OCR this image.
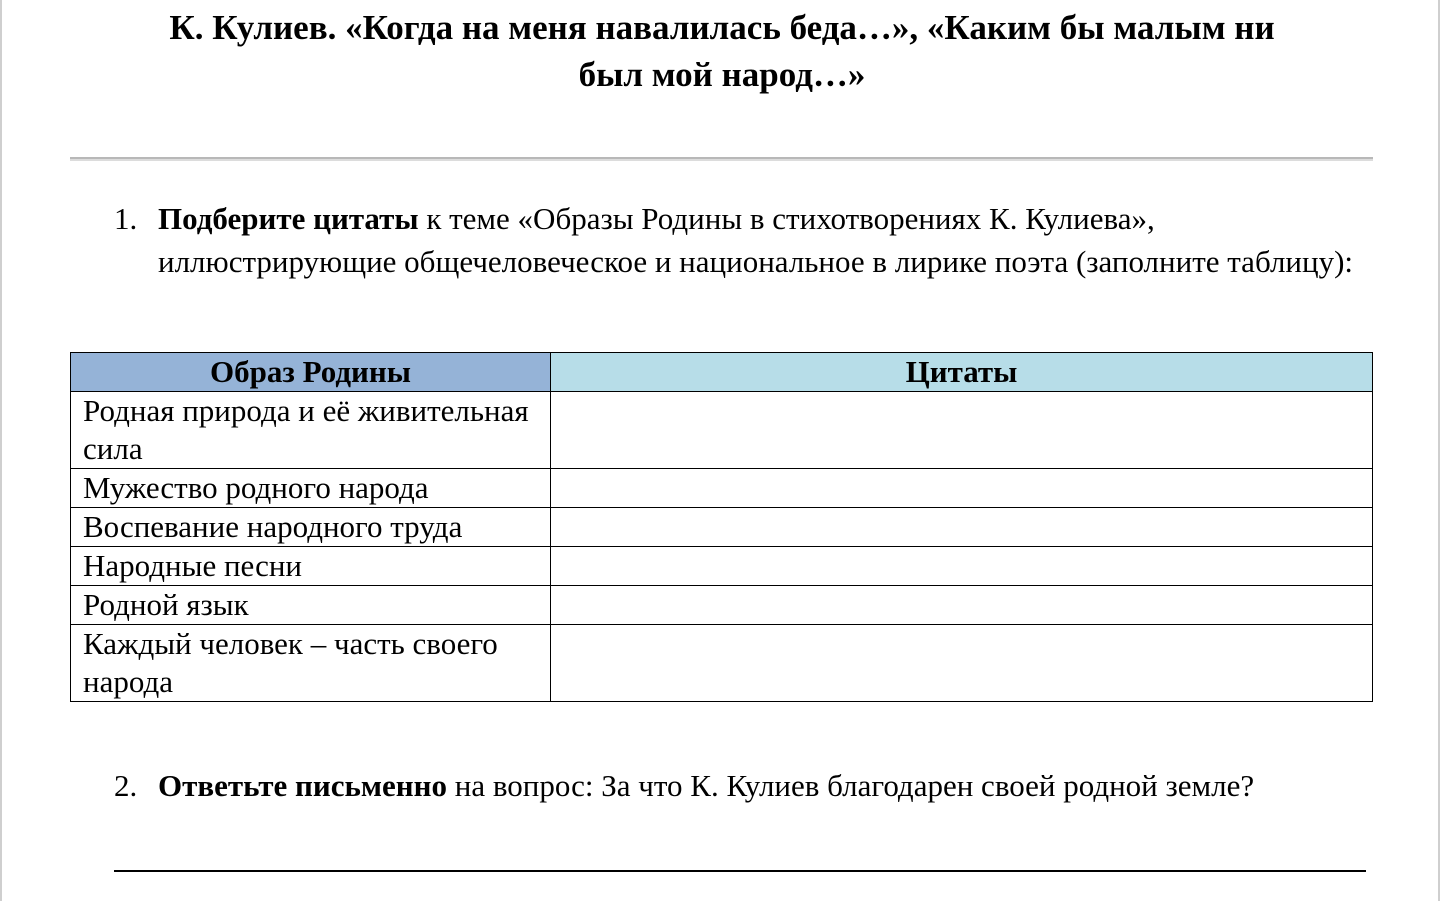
К. Кулиев. «Когда на меня навалилась беда…», «Каким бы малым ни
был мой народ…»

1. Подберите цитаты к теме «Образы Родины в стихотворениях К. Кулиева», иллюстрирующие общечеловеческое и национальное в лирике поэта (заполните таблицу):

Образ Родины	Цитаты
Родная природа и её живительная сила	
Мужество родного народа	
Воспевание народного труда	
Народные песни	
Родной язык	
Каждый человек – часть своего народа	

2. Ответьте письменно на вопрос: За что К. Кулиев благодарен своей родной земле?
